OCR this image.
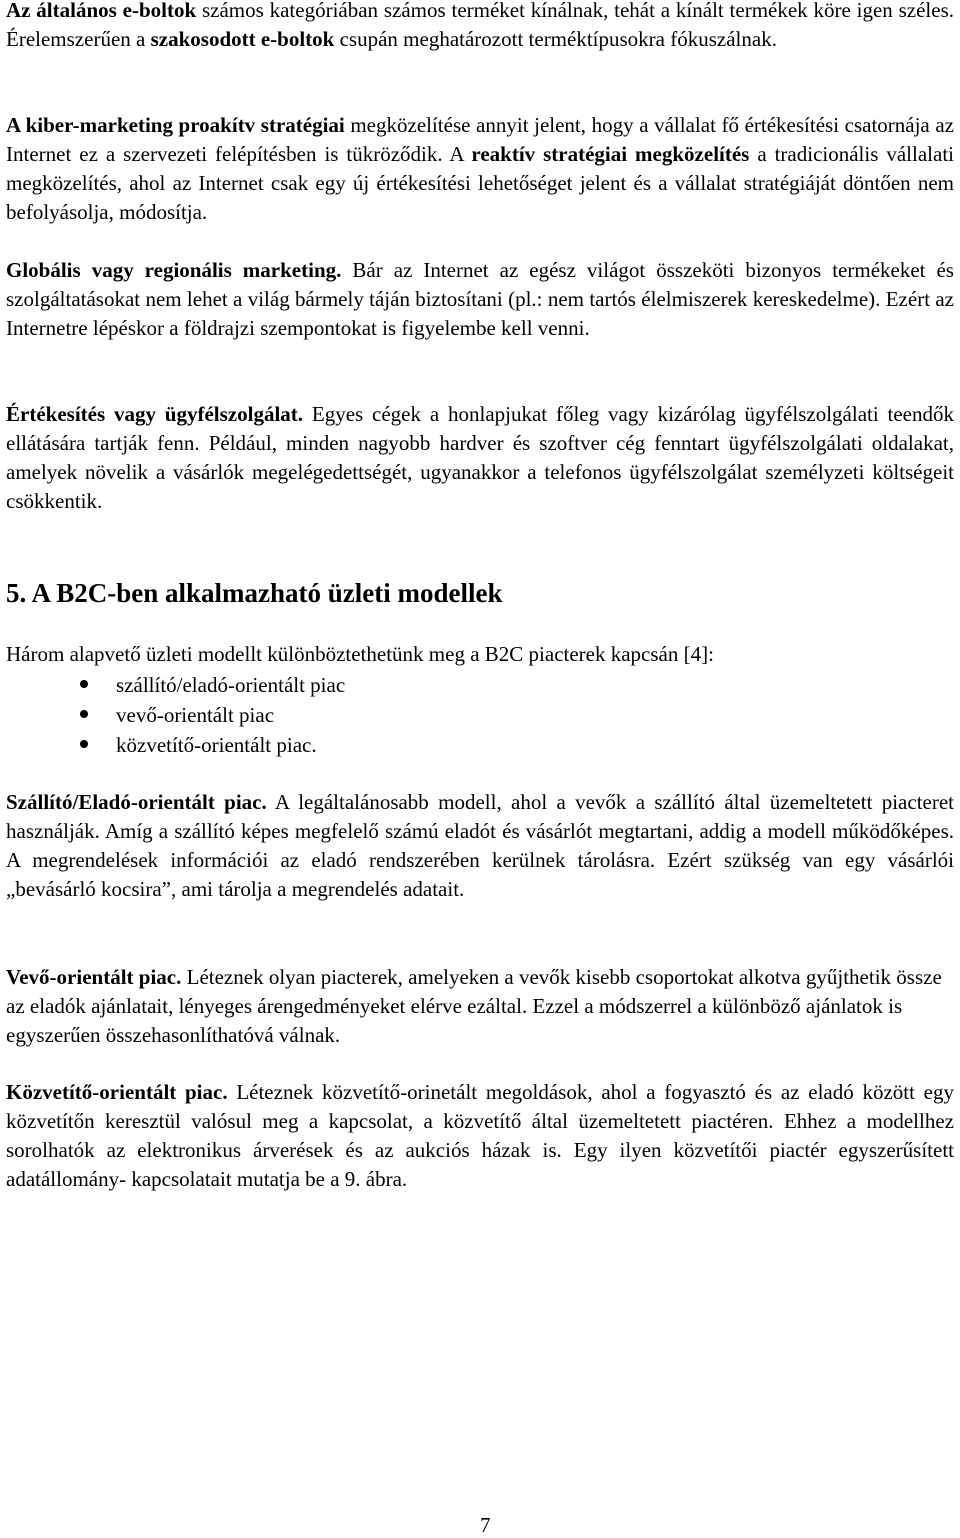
Az általános e-boltok számos kategóriában számos terméket kínálnak, tehát a kínált termékek köre igen széles. Érelemszerűen a szakosodott e-boltok csupán meghatározott terméktípusokra fókuszálnak.

A kiber-marketing proakítv stratégiai megközelítése annyit jelent, hogy a vállalat fő értékesítési csatornája az Internet ez a szervezeti felépítésben is tükröződik. A reaktív stratégiai megközelítés a tradicionális vállalati megközelítés, ahol az Internet csak egy új értékesítési lehetőséget jelent és a vállalat stratégiáját döntően nem befolyásolja, módosítja.

Globális vagy regionális marketing. Bár az Internet az egész világot összeköti bizonyos termékeket és szolgáltatásokat nem lehet a világ bármely táján biztosítani (pl.: nem tartós élelmiszerek kereskedelme). Ezért az Internetre lépéskor a földrajzi szempontokat is figyelembe kell venni.

Értékesítés vagy ügyfélszolgálat. Egyes cégek a honlapjukat főleg vagy kizárólag ügyfélszolgálati teendők ellátására tartják fenn. Például, minden nagyobb hardver és szoftver cég fenntart ügyfélszolgálati oldalakat, amelyek növelik a vásárlók megelégedettségét, ugyanakkor a telefonos ügyfélszolgálat személyzeti költségeit csökkentik.

5. A B2C-ben alkalmazható üzleti modellek

Három alapvető üzleti modellt különböztethetünk meg a B2C piacterek kapcsán [4]:

szállító/eladó-orientált piac
vevő-orientált piac
közvetítő-orientált piac.

Szállító/Eladó-orientált piac. A legáltalánosabb modell, ahol a vevők a szállító által üzemeltetett piacteret használják. Amíg a szállító képes megfelelő számú eladót és vásárlót megtartani, addig a modell működőképes. A megrendelések információi az eladó rendszerében kerülnek tárolásra. Ezért szükség van egy vásárlói „bevásárló kocsira”, ami tárolja a megrendelés adatait.

Vevő-orientált piac. Léteznek olyan piacterek, amelyeken a vevők kisebb csoportokat alkotva gyűjthetik össze az eladók ajánlatait, lényeges árengedményeket elérve ezáltal. Ezzel a módszerrel a különböző ajánlatok is egyszerűen összehasonlíthatóvá válnak.

Közvetítő-orientált piac. Léteznek közvetítő-orinetált megoldások, ahol a fogyasztó és az eladó között egy közvetítőn keresztül valósul meg a kapcsolat, a közvetítő által üzemeltetett piactéren. Ehhez a modellhez sorolhatók az elektronikus árverések és az aukciós házak is. Egy ilyen közvetítői piactér egyszerűsített adatállomány- kapcsolatait mutatja be a 9. ábra.

7
